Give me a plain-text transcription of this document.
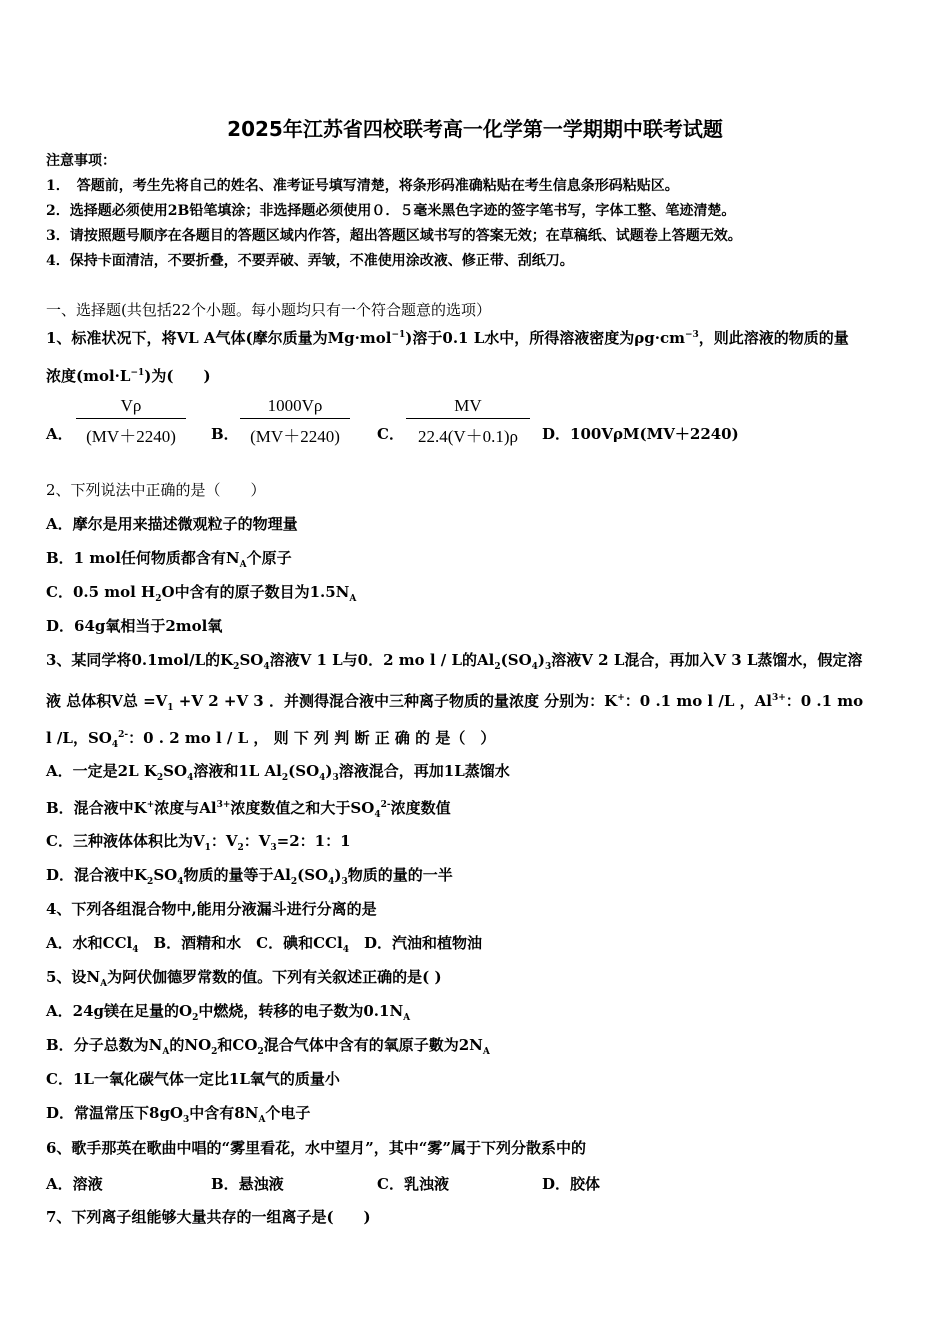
2025年江苏省四校联考高一化学第一学期期中联考试题
注意事项：
1．　答题前，考生先将自己的姓名、准考证号填写清楚，将条形码准确粘贴在考生信息条形码粘贴区。
2．选择题必须使用2B铅笔填涂；非选择题必须使用０．５毫米黑色字迹的签字笔书写，字体工整、笔迹清楚。
3．请按照题号顺序在各题目的答题区域内作答，超出答题区域书写的答案无效；在草稿纸、试题卷上答题无效。
4．保持卡面清洁，不要折叠，不要弄破、弄皱，不准使用涂改液、修正带、刮纸刀。
一、选择题(共包括22个小题。每小题均只有一个符合题意的选项）
1、标准状况下，将VL A气体(摩尔质量为Mg·mol$^{-1}$)溶于0.1 L水中，所得溶液密度为$\rho g\cdot cm^{-3}$，则此溶液的物质的量
浓度$(mol\cdot L^{-1})$为(　　)
A． $\frac{V\rho}{(MV+2240)}$ B． $\frac{1000V\rho}{(MV+2240)}$ C． $\frac{MV}{22.4(V+0.1)\rho}$ D．100VρM(MV＋2240)
2、下列说法中正确的是（　　）
A．摩尔是用来描述微观粒子的物理量
B．1 mol任何物质都含有$N_A$个原子
C．0.5 mol $H_2O$中含有的原子数目为$1.5N_A$
D．64g氧相当于2mol氧
3、某同学将0.1mol/L的$K_2SO_4$溶液V 1 L与0．2 mo l / L的$Al_2(SO_4)_3$溶液V 2 L混合，再加入V 3 L蒸馏水，假定溶
液 总体积V总 $=V_1 +V$ 2 +V 3 ．并测得混合液中三种离子物质的量浓度 分别为：K+：0 .1 mo l /L ，$Al^{3+}$：0 .1 mo
l /L，$SO_4^{2-}$：0 . 2 mo l / L ， 则 下 列 判 断 正 确 的 是（　）
A．一定是2L $K_2SO_4$溶液和1L $Al_2(SO_4)_3$溶液混合，再加1L蒸馏水
B．混合液中K+浓度与$Al^{3+}$浓度数值之和大于$SO_4^{2-}$浓度数值
C．三种液体体积比为$V_1$：$V_2$：$V_3=2$：1：1
D．混合液中$K_2SO_4$物质的量等于$Al_2(SO_4)_3$物质的量的一半
4、下列各组混合物中,能用分液漏斗进行分离的是
A．水和CCl$_4$　B．酒精和水　C．碘和CCl$_4$　D．汽油和植物油
5、设$N_A$为阿伏伽德罗常数的值。下列有关叙述正确的是( )
A．24g镁在足量的$O_2$中燃烧，转移的电子数为$0.1N_A$
B．分子总数为$N_A$的$NO_2$和$CO_2$混合气体中含有的氧原子數为$2N_A$
C．1L一氧化碳气体一定比1L氧气的质量小
D．常温常压下$8gO_3$中含有$8N_A$个电子
6、歌手那英在歌曲中唱的“雾里看花，水中望月”，其中“雾”属于下列分散系中的
A．溶液	B．悬浊液	C．乳浊液	D．胶体
7、下列离子组能够大量共存的一组离子是(　　)
